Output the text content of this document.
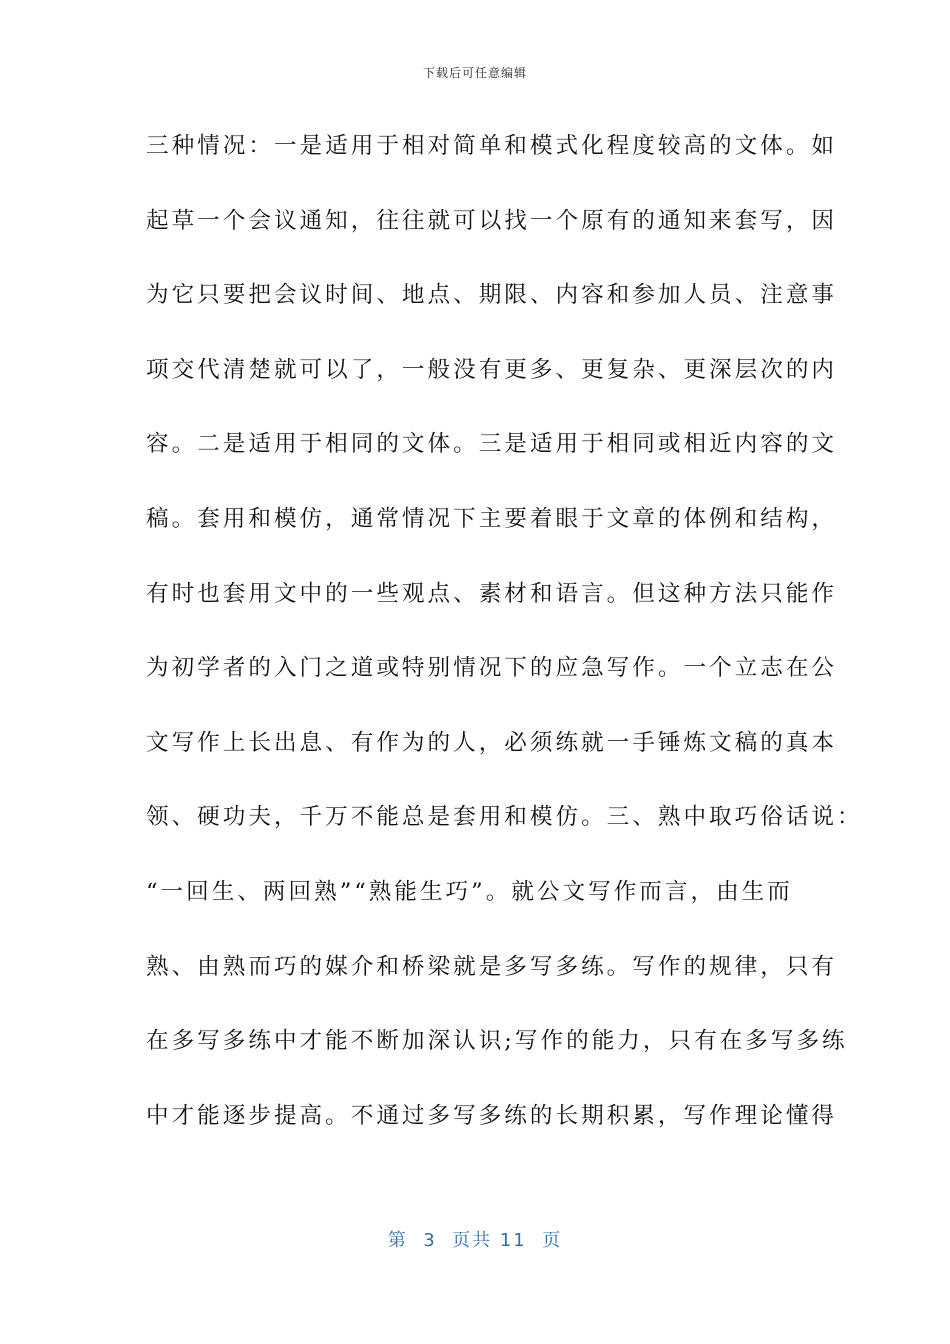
下载后可任意编辑
三种情况：一是适用于相对简单和模式化程度较高的文体。如
起草一个会议通知，往往就可以找一个原有的通知来套写，因
为它只要把会议时间、地点、期限、内容和参加人员、注意事
项交代清楚就可以了，一般没有更多、更复杂、更深层次的内
容。二是适用于相同的文体。三是适用于相同或相近内容的文
稿。套用和模仿，通常情况下主要着眼于文章的体例和结构，
有时也套用文中的一些观点、素材和语言。但这种方法只能作
为初学者的入门之道或特别情况下的应急写作。一个立志在公
文写作上长出息、有作为的人，必须练就一手锤炼文稿的真本
领、硬功夫，千万不能总是套用和模仿。三、熟中取巧俗话说：
“一回生、两回熟”“熟能生巧”。就公文写作而言，由生而
熟、由熟而巧的媒介和桥梁就是多写多练。写作的规律，只有
在多写多练中才能不断加深认识;写作的能力，只有在多写多练
中才能逐步提高。不通过多写多练的长期积累，写作理论懂得
第  3  页共 11  页
